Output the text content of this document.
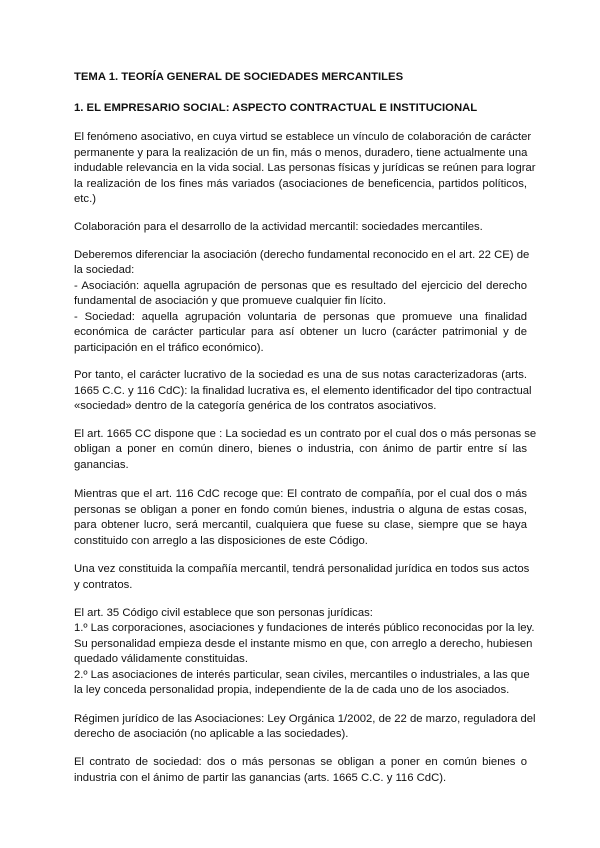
TEMA 1. TEORÍA GENERAL DE SOCIEDADES MERCANTILES
1. EL EMPRESARIO SOCIAL: ASPECTO CONTRACTUAL E INSTITUCIONAL
El fenómeno asociativo, en cuya virtud se establece un vínculo de colaboración de carácter
permanente y para la realización de un fin, más o menos, duradero, tiene actualmente una
indudable relevancia en la vida social. Las personas físicas y jurídicas se reúnen para lograr
la realización de los fines más variados (asociaciones de beneficencia, partidos políticos,
etc.)
Colaboración para el desarrollo de la actividad mercantil: sociedades mercantiles.
Deberemos diferenciar la asociación (derecho fundamental reconocido en el art. 22 CE) de
la sociedad:
- Asociación: aquella agrupación de personas que es resultado del ejercicio del derecho
fundamental de asociación y que promueve cualquier fin lícito.
- Sociedad: aquella agrupación voluntaria de personas que promueve una finalidad
económica de carácter particular para así obtener un lucro (carácter patrimonial y de
participación en el tráfico económico).
Por tanto, el carácter lucrativo de la sociedad es una de sus notas caracterizadoras (arts.
1665 C.C. y 116 CdC): la finalidad lucrativa es, el elemento identificador del tipo contractual
«sociedad» dentro de la categoría genérica de los contratos asociativos.
El art. 1665 CC dispone que : La sociedad es un contrato por el cual dos o más personas se
obligan a poner en común dinero, bienes o industria, con ánimo de partir entre sí las
ganancias.
Mientras que el art. 116 CdC recoge que: El contrato de compañía, por el cual dos o más
personas se obligan a poner en fondo común bienes, industria o alguna de estas cosas,
para obtener lucro, será mercantil, cualquiera que fuese su clase, siempre que se haya
constituido con arreglo a las disposiciones de este Código.
Una vez constituida la compañía mercantil, tendrá personalidad jurídica en todos sus actos
y contratos.
El art. 35 Código civil establece que son personas jurídicas:
1.º Las corporaciones, asociaciones y fundaciones de interés público reconocidas por la ley.
Su personalidad empieza desde el instante mismo en que, con arreglo a derecho, hubiesen
quedado válidamente constituidas.
2.º Las asociaciones de interés particular, sean civiles, mercantiles o industriales, a las que
la ley conceda personalidad propia, independiente de la de cada uno de los asociados.
Régimen jurídico de las Asociaciones: Ley Orgánica 1/2002, de 22 de marzo, reguladora del
derecho de asociación (no aplicable a las sociedades).
El contrato de sociedad: dos o más personas se obligan a poner en común bienes o
industria con el ánimo de partir las ganancias (arts. 1665 C.C. y 116 CdC).
